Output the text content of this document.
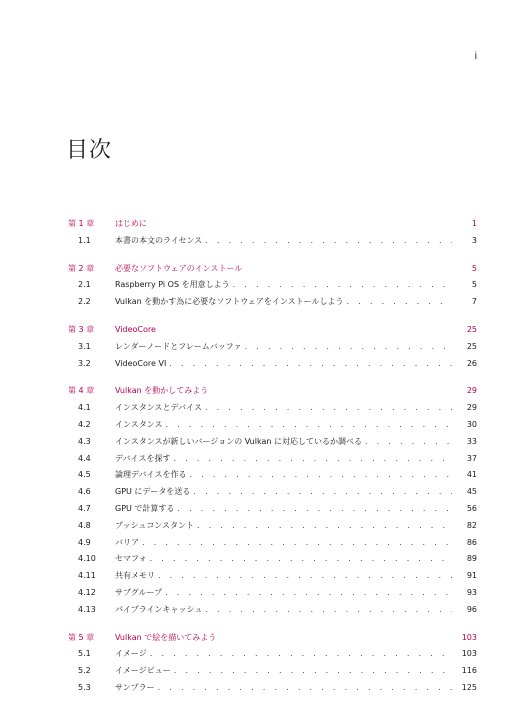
i
目次
第 1 章	はじめに	1
1.1	本書の本文のライセンス . . .	3
第 2 章	必要なソフトウェアのインストール	5
2.1	Raspberry Pi OS を用意しよう . . .	5
2.2	Vulkan を動かす為に必要なソフトウェアをインストールしよう . . .	7
第 3 章	VideoCore	25
3.1	レンダーノードとフレームバッファ . . .	25
3.2	VideoCore VI . . .	26
第 4 章	Vulkan を動かしてみよう	29
4.1	インスタンスとデバイス . . .	29
4.2	インスタンス . . .	30
4.3	インスタンスが新しいバージョンの Vulkan に対応しているか調べる . . .	33
4.4	デバイスを探す . . .	37
4.5	論理デバイスを作る . . .	41
4.6	GPU にデータを送る . . .	45
4.7	GPU で計算する . . .	56
4.8	プッシュコンスタント . . .	82
4.9	バリア . . .	86
4.10	セマフォ . . .	89
4.11	共有メモリ . . .	91
4.12	サブグループ . . .	93
4.13	パイプラインキャッシュ . . .	96
第 5 章	Vulkan で絵を描いてみよう	103
5.1	イメージ . . .	103
5.2	イメージビュー . . .	116
5.3	サンプラー . . .	125
